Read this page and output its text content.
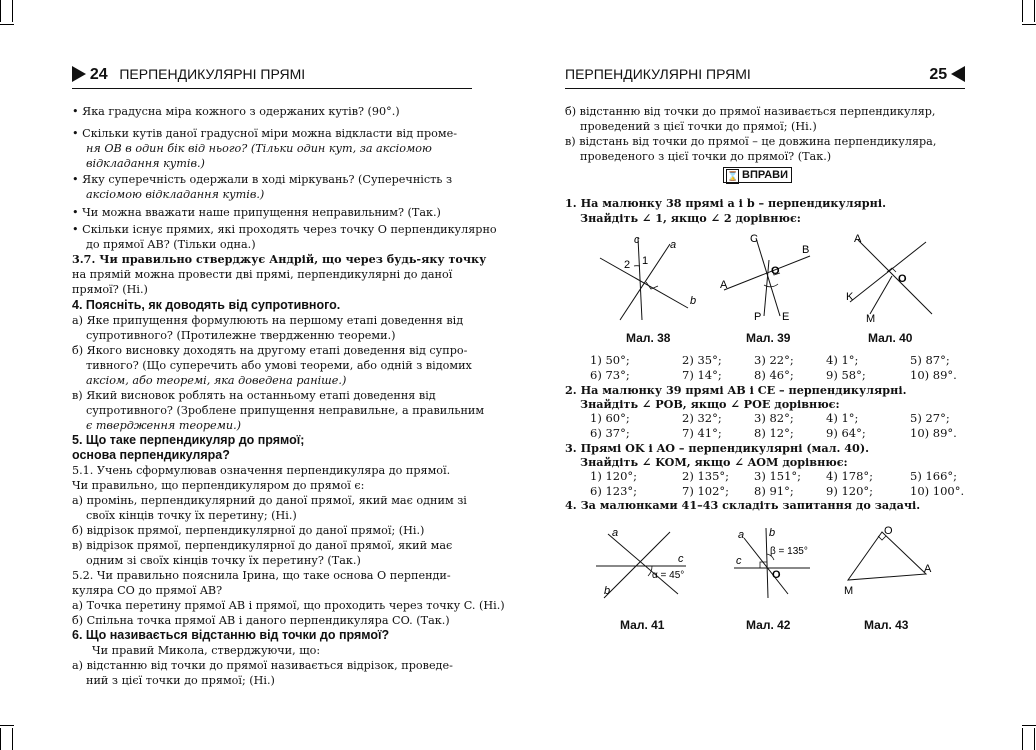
24 ПЕРПЕНДИКУЛЯРНІ ПРЯМІ
• Яка градусна міра кожного з одержаних кутів? (90°.)
• Скільки кутів даної градусної міри можна відкласти від проме-
ня OB в один бік від нього? (Тільки один кут, за аксіомою
відкладання кутів.)
• Яку суперечність одержали в ході міркувань? (Суперечність з
аксіомою відкладання кутів.)
• Чи можна вважати наше припущення неправильним? (Так.)
• Скільки існує прямих, які проходять через точку O перпендикулярно
до прямої AB? (Тільки одна.)
3.7. Чи правильно стверджує Андрій, що через будь-яку точку
на прямій можна провести дві прямі, перпендикулярні до даної
прямої? (Ні.)
4. Поясніть, як доводять від супротивного.
а) Яке припущення формулюють на першому етапі доведення від
супротивного? (Протилежне твердженню теореми.)
б) Якого висновку доходять на другому етапі доведення від супро-
тивного? (Що суперечить або умові теореми, або одній з відомих
аксіом, або теоремі, яка доведена раніше.)
в) Який висновок роблять на останньому етапі доведення від
супротивного? (Зроблене припущення неправильне, а правильним
є твердження теореми.)
5. Що таке перпендикуляр до прямої;
основа перпендикуляра?
5.1. Учень сформулював означення перпендикуляра до прямої.
Чи правильно, що перпендикуляром до прямої є:
а) промінь, перпендикулярний до даної прямої, який має одним зі
своїх кінців точку їх перетину; (Ні.)
б) відрізок прямої, перпендикулярної до даної прямої; (Ні.)
в) відрізок прямої, перпендикулярної до даної прямої, який має
одним зі своїх кінців точку їх перетину? (Так.)
5.2. Чи правильно пояснила Ірина, що таке основа O перпенди-
куляра CO до прямої AB?
а) Точка перетину прямої AB і прямої, що проходить через точку C. (Ні.)
б) Спільна точка прямої AB і даного перпендикуляра CO. (Так.)
6. Що називається відстанню від точки до прямої?
Чи правий Микола, стверджуючи, що:
а) відстанню від точки до прямої називається відрізок, проведе-
ний з цієї точки до прямої; (Ні.)
ПЕРПЕНДИКУЛЯРНІ ПРЯМІ	25
б) відстанню від точки до прямої називається перпендикуляр,
проведений з цієї точки до прямої; (Ні.)
в) відстань від точки до прямої – це довжина перпендикуляра,
проведеного з цієї точки до прямої? (Так.)
⌛ ВПРАВИ
1. На малюнку 38 прямі a і b – перпендикулярні.
Знайдіть ∠ 1, якщо ∠ 2 дорівнює:
c	a
2 1
b
C
B
O
A
P E
A
O
K
M
Мал. 38	Мал. 39	Мал. 40
1) 50°;	2) 35°;	3) 22°;	4) 1°;	5) 87°;
6) 73°;	7) 14°;	8) 46°;	9) 58°;	10) 89°.
2. На малюнку 39 прямі AB і CE – перпендикулярні.
Знайдіть ∠ POB, якщо ∠ POE дорівнює:
1) 60°;	2) 32°;	3) 82°;	4) 1°;	5) 27°;
6) 37°;	7) 41°;	8) 12°;	9) 64°;	10) 89°.
3. Прямі OK і AO – перпендикулярні (мал. 40).
Знайдіть ∠ KOM, якщо ∠ AOM дорівнює:
1) 120°;	2) 135°; 3) 151°; 4) 178°;	5) 166°;
6) 123°;	7) 102°; 8) 91°;	9) 120°;	10) 100°.
4. За малюнками 41–43 складіть запитання до задачі.
a
c
b
α = 45°
a b
β = 135°
c
O
O
A
M
Мал. 41	Мал. 42	Мал. 43
